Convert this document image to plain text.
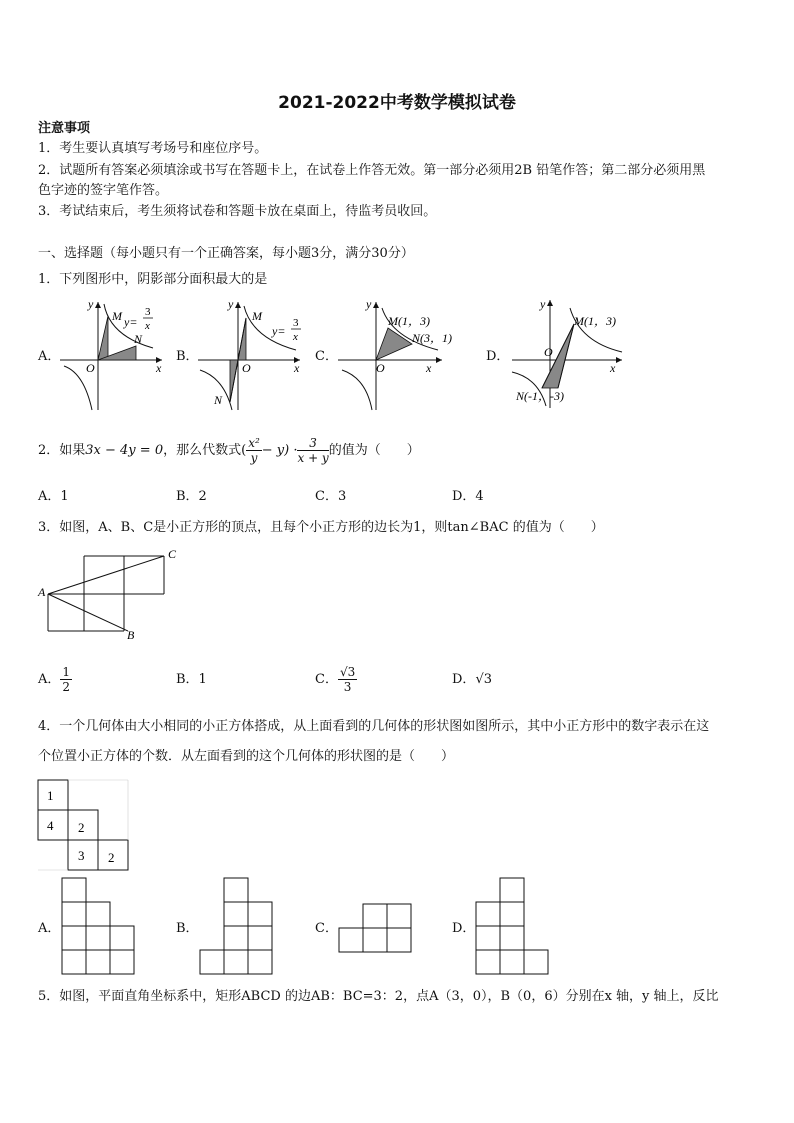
2021-2022中考数学模拟试卷
注意事项
1．考生要认真填写考场号和座位序号。
2．试题所有答案必须填涂或书写在答题卡上，在试卷上作答无效。第一部分必须用2B 铅笔作答；第二部分必须用黑
色字迹的签字笔作答。
3．考试结束后，考生须将试卷和答题卡放在桌面上，待监考员收回。
一、选择题（每小题只有一个正确答案，每小题3分，满分30分）
1．下列图形中，阴影部分面积最大的是
A．	B．	C．	D．
y
x
O
M
N
y=
3
x
y
x
O
M
N
y=
3
x
y
x
O
M(1，3)
N(3，1)
y
x
O
M(1，3)
N(-1，-3)
2．如果3x − 4y = 0，那么代数式( $\frac{\text{x²}}{y} - y) \cdot \frac{3}{x + y}$ 的值为（　　）
A．1	B．2	C．3	D．4
3．如图，A、B、C是小正方形的顶点，且每个小正方形的边长为1，则tan∠BAC 的值为（　　）
A
B
C
A． $\frac{1}{2}$	B．1	C． $\frac{√3}{3}$	D．√3
4．一个几何体由大小相同的小正方体搭成，从上面看到的几何体的形状图如图所示，其中小正方形中的数字表示在这
个位置小正方体的个数．从左面看到的这个几何体的形状图的是（　　）
1
4 2
3 2
A．	B．	C．	D．
5．如图，平面直角坐标系中，矩形ABCD 的边AB：BC=3：2，点A（3，0），B（0，6）分别在x 轴，y 轴上，反比
